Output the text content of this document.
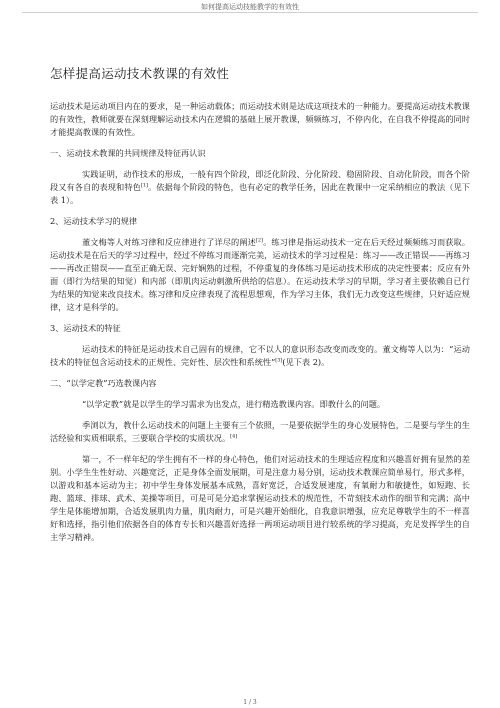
如何提高运动技能教学的有效性
怎样提高运动技术教课的有效性

运动技术是运动项目内在的要求，是一种运动载体；而运动技术则是达成这项技术的一种能力。要提高运动技术教课的有效性，教师就要在深刻理解运动技术内在逻辑的基础上展开教课，频频练习，不停内化，在自我不停提高的同时才能提高教课的有效性。

一、运动技术教课的共同规律及特征再认识

实践证明，动作技术的形成，一般有四个阶段，即泛化阶段、分化阶段、稳固阶段、自动化阶段，而各个阶段又有各自的表现和特色[1]。依据每个阶段的特色，也有必定的教学任务，因此在教课中一定采纳相应的教法（见下表 1）。

2、运动技术学习的规律

董文梅等人对练习律和反应律进行了详尽的阐述[2]。练习律是指运动技术一定在后天经过频频练习而获取。运动技术是在后天的学习过程中，经过不停练习而逐渐完美，运动技术的学习过程是：练习——改正错误——再练习——再改正错误——直至正确无误、完好娴熟的过程，不停重复的身体练习是运动技术形成的决定性要素；反应有外面（即行为结果的知觉）和内部（即肌肉运动刺激所供给的信息）。在运动技术学习的早期，学习者主要依赖自已行为结果的知觉来改良技术。练习律和反应律表现了流程思想观，作为学习主体，我们无力改变这些规律，只好适应规律，这才是科学的。

3、运动技术的特征

运动技术的特征是运动技术自己固有的规律，它不以人的意识形态改变而改变的。董文梅等人以为：“运动技术的特征包含运动技术的正规性、完好性、层次性和系统性”[3](见下表 2)。

二、“以学定教”巧选教课内容

“以学定教”就是以学生的学习需求为出发点，进行精选教课内容。即教什么的问题。

季浏以为，教什么运动技术的问题上主要有三个依照，一是要依据学生的身心发展特色，二是要与学生的生活经验和实质相联系，三要联合学校的实质状况。[4]

第一，不一样年纪的学生拥有不一样的身心特色，他们对运动技术的生理适应程度和兴趣喜好拥有显然的差别。小学生生性好动、兴趣宽泛，正是身体全面发展期，可是注意力易分别，运动技术教课应简单易行，形式多样，以游戏和基本运动为主；初中学生身体发展基本成熟，喜好宽泛，合适发展速度，有氧耐力和敏捷性，如短跑、长跑、篮球、排球、武术、美操等项目，可是可是分追求掌握运动技术的规范性，不苛刻技术动作的细节和完满；高中学生是体能增加期，合适发展肌肉力量，肌肉耐力，可是兴趣开始细化，自我意识增强，应充足尊敬学生的不一样喜好和选择，指引他们依据各自的体育专长和兴趣喜好选择一两项运动项目进行较系统的学习提高，充足发挥学生的自主学习精神。

1 / 3
